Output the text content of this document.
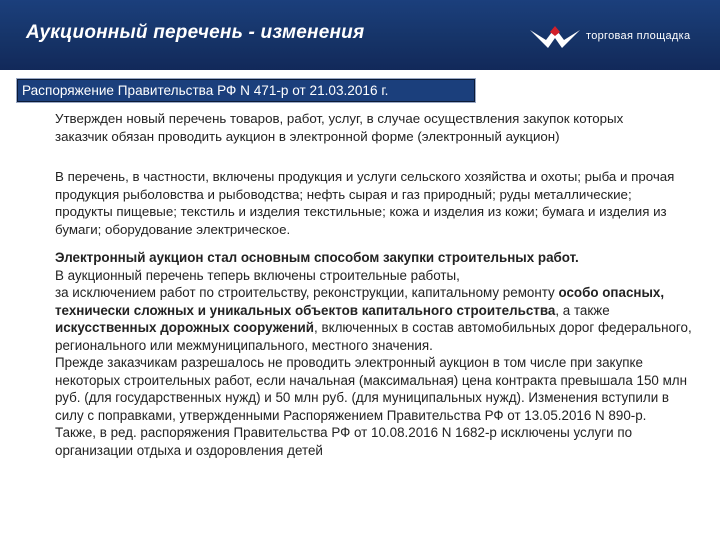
Аукционный перечень - изменения	торговая площадка
Распоряжение Правительства РФ N 471-р от 21.03.2016 г.
Утвержден новый перечень товаров, работ, услуг, в случае осуществления закупок которых заказчик обязан проводить аукцион в электронной форме (электронный аукцион)
В перечень, в частности, включены продукция и услуги сельского хозяйства и охоты; рыба и прочая продукция рыболовства и рыбоводства; нефть сырая и газ природный; руды металлические; продукты пищевые; текстиль и изделия текстильные; кожа и изделия из кожи; бумага и изделия из бумаги; оборудование электрическое.
Электронный аукцион стал основным способом закупки строительных работ.
В аукционный перечень теперь включены строительные работы,
за исключением работ по строительству, реконструкции, капитальному ремонту особо опасных, технически сложных и уникальных объектов капитального строительства, а также искусственных дорожных сооружений, включенных в состав автомобильных дорог федерального, регионального или межмуниципального, местного значения.
Прежде заказчикам разрешалось не проводить электронный аукцион в том числе при закупке некоторых строительных работ, если начальная (максимальная) цена контракта превышала 150 млн руб. (для государственных нужд) и 50 млн руб. (для муниципальных нужд). Изменения вступили в силу с поправками, утвержденными Распоряжением Правительства РФ от 13.05.2016 N 890-р.
Также, в ред. распоряжения Правительства РФ от 10.08.2016 N 1682-р исключены услуги по организации отдыха и оздоровления детей
